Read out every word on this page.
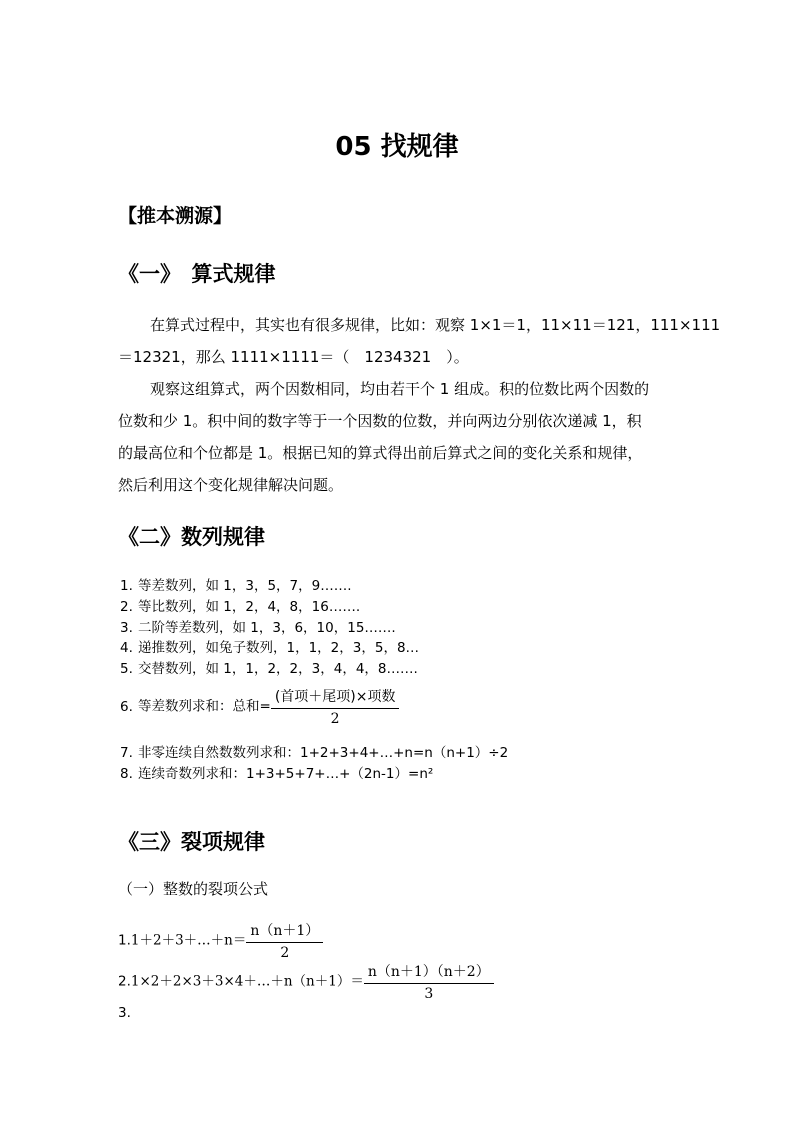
05 找规律
【推本溯源】
《一》　算式规律
在算式过程中，其实也有很多规律，比如：观察 1×1＝1，11×11＝121，111×111
＝12321，那么 1111×1111＝（　1234321　）。
观察这组算式，两个因数相同，均由若干个 1 组成。积的位数比两个因数的
位数和少 1。积中间的数字等于一个因数的位数，并向两边分别依次递减 1，积
的最高位和个位都是 1。根据已知的算式得出前后算式之间的变化关系和规律，
然后利用这个变化规律解决问题。
《二》数列规律
1. 等差数列，如 1，3，5，7，9…….
2. 等比数列，如 1，2，4，8，16…….
3. 二阶等差数列，如 1，3，6，10，15…….
4. 递推数列，如兔子数列，1，1，2，3，5，8…
5. 交替数列，如 1，1，2，2，3，4，4，8…….
6. 等差数列求和：总和= $\frac{\text{(首项＋尾项)×项数}}{2}$
7. 非零连续自然数数列求和：1+2+3+4+…+n=n（n+1）÷2
8. 连续奇数列求和：1+3+5+7+…+（2n-1）=n²
《三》裂项规律
（一）整数的裂项公式
1.1＋2＋3＋…＋n＝ $\frac{n(n+1)}{2}$
2.1×2＋2×3＋3×4＋…＋n（n＋1）＝ $\frac{n(n+1)(n+2)}{3}$
3.
